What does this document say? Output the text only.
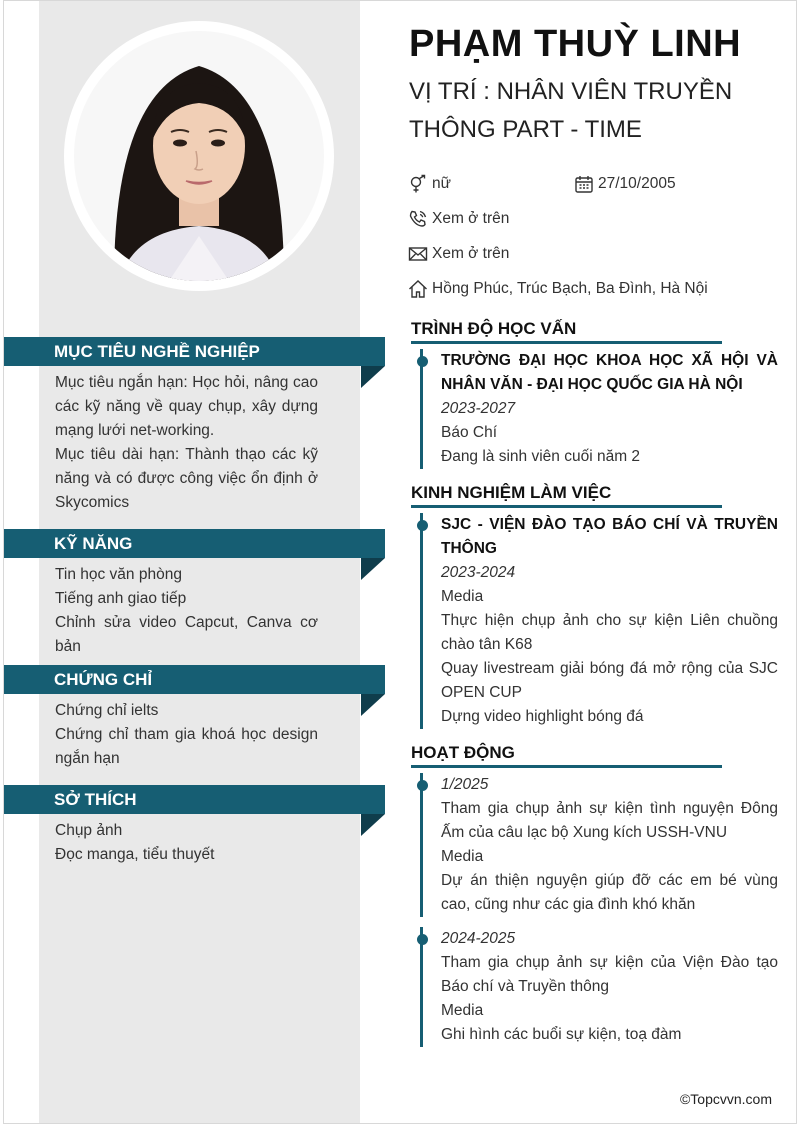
MỤC TIÊU NGHỀ NGHIỆP

Mục tiêu ngắn hạn: Học hỏi, nâng cao các kỹ năng về quay chụp, xây dựng mạng lưới net-working.

Mục tiêu dài hạn: Thành thạo các kỹ năng và có được công việc ổn định ở Skycomics

KỸ NĂNG

Tin học văn phòng

Tiếng anh giao tiếp

Chỉnh sửa video Capcut, Canva cơ bản

CHỨNG CHỈ

Chứng chỉ ielts

Chứng chỉ tham gia khoá học design ngắn hạn

SỞ THÍCH

Chụp ảnh

Đọc manga, tiểu thuyết

PHẠM THUỲ LINH
VỊ TRÍ : NHÂN VIÊN TRUYỀN THÔNG PART - TIME
nữ	27/10/2005
Xem ở trên
Xem ở trên
Hồng Phúc, Trúc Bạch, Ba Đình, Hà Nội
TRÌNH ĐỘ HỌC VẤN

TRƯỜNG ĐẠI HỌC KHOA HỌC XÃ HỘI VÀ NHÂN VĂN - ĐẠI HỌC QUỐC GIA HÀ NỘI

2023-2027

Báo Chí

Đang là sinh viên cuối năm 2

KINH NGHIỆM LÀM VIỆC

SJC - VIỆN ĐÀO TẠO BÁO CHÍ VÀ TRUYỀN THÔNG

2023-2024

Media

Thực hiện chụp ảnh cho sự kiện Liên chuồng chào tân K68

Quay livestream giải bóng đá mở rộng của SJC OPEN CUP

Dựng video highlight bóng đá

HOẠT ĐỘNG

1/2025

Tham gia chụp ảnh sự kiện tình nguyện Đông Ấm của câu lạc bộ Xung kích USSH-VNU

Media

Dự án thiện nguyện giúp đỡ các em bé vùng cao, cũng như các gia đình khó khăn

2024-2025

Tham gia chụp ảnh sự kiện của Viện Đào tạo Báo chí và Truyền thông

Media

Ghi hình các buổi sự kiện, toạ đàm

©Topcvvn.com
